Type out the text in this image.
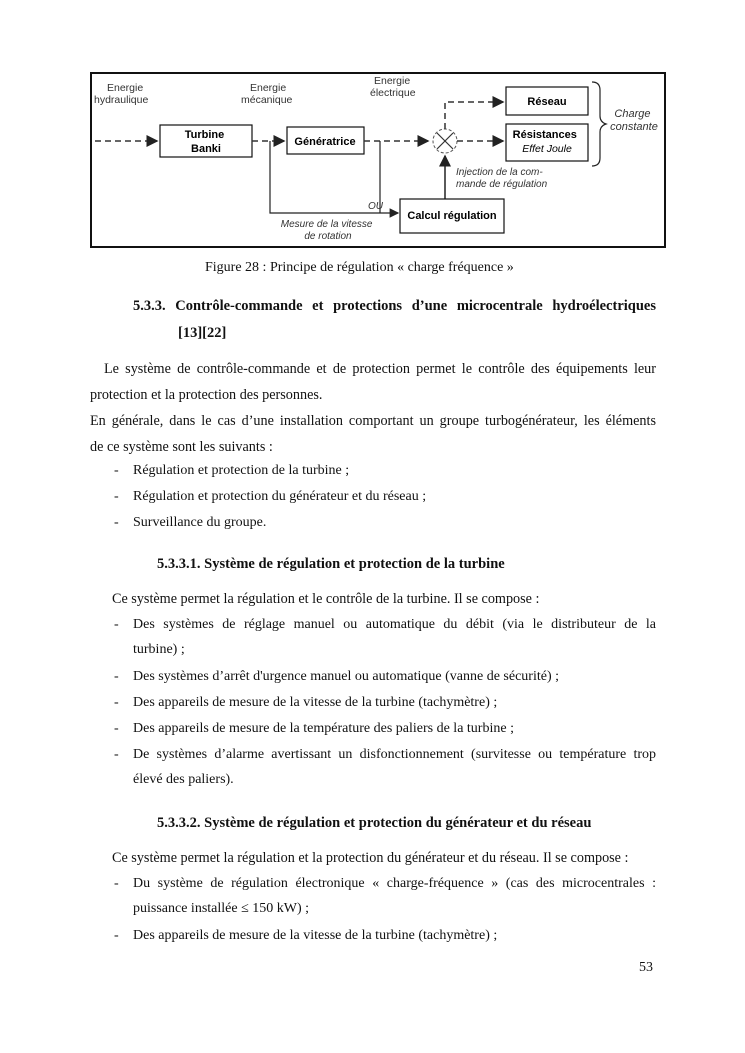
Energie hydraulique
Energie mécanique
Energie électrique
Turbine Banki
Génératrice
Réseau
Résistances Effet Joule
Charge constante
Injection de la com- mande de régulation
OU
Mesure de la vitesse de rotation
Calcul régulation
Figure 28 : Principe de régulation « charge fréquence »
5.3.3. Contrôle-commande et protections d’une microcentrale hydroélectriques
[13][22]
Le système de contrôle-commande et de protection permet le contrôle des équipements leur
protection et la protection des personnes.
En générale, dans le cas d’une installation comportant un groupe turbogénérateur, les éléments
de ce système sont les suivants :
- Régulation et protection de la turbine ;
- Régulation et protection du générateur et du réseau ;
- Surveillance du groupe.
5.3.3.1. Système de régulation et protection de la turbine
Ce système permet la régulation et le contrôle de la turbine. Il se compose :
- Des systèmes de réglage manuel ou automatique du débit (via le distributeur de la
turbine) ;
- Des systèmes d’arrêt d'urgence manuel ou automatique (vanne de sécurité) ;
- Des appareils de mesure de la vitesse de la turbine (tachymètre) ;
- Des appareils de mesure de la température des paliers de la turbine ;
- De systèmes d’alarme avertissant un disfonctionnement (survitesse ou température trop
élevé des paliers).
5.3.3.2. Système de régulation et protection du générateur et du réseau
Ce système permet la régulation et la protection du générateur et du réseau. Il se compose :
- Du système de régulation électronique « charge-fréquence » (cas des microcentrales :
puissance installée ≤ 150 kW) ;
- Des appareils de mesure de la vitesse de la turbine (tachymètre) ;
53
